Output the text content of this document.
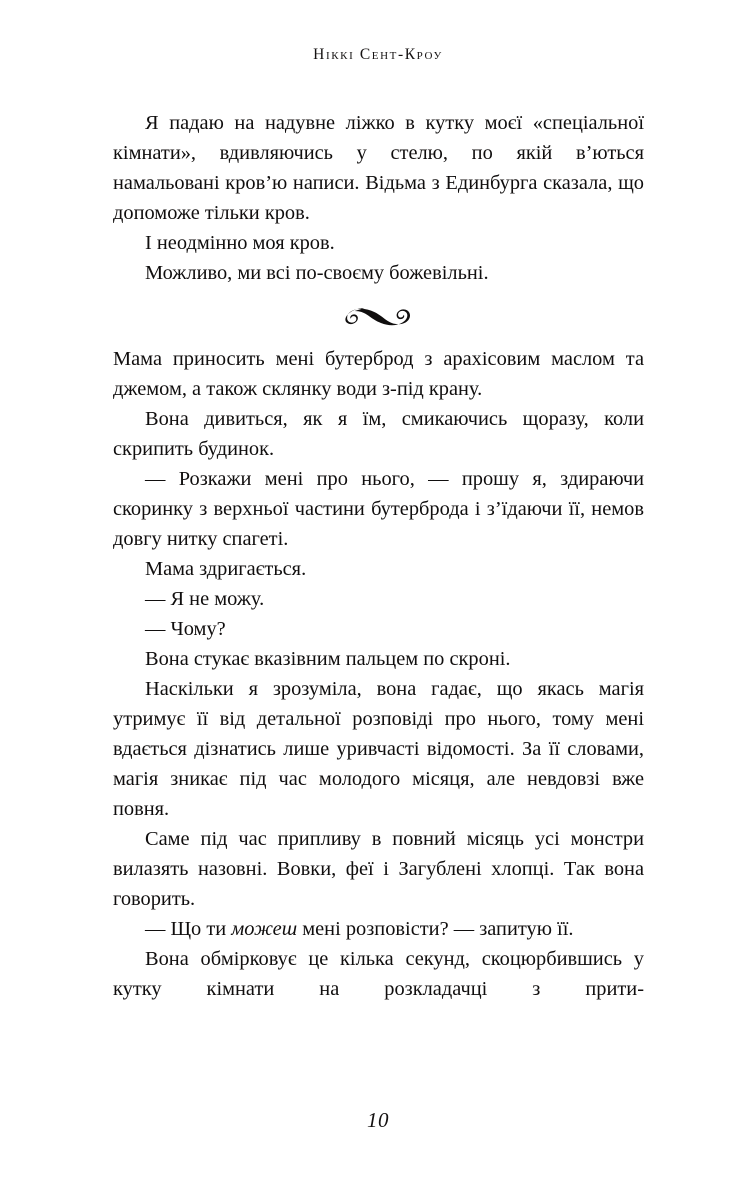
Ніккі Сент-Кроу

Я падаю на надувне ліжко в кутку моєї «спеціальної кімнати», вдивляючись у стелю, по якій в’ються намальовані кров’ю написи. Відьма з Единбурга сказала, що допоможе тільки кров.

І неодмінно моя кров.

Можливо, ми всі по-своєму божевільні.

Мама приносить мені бутерброд з арахісовим маслом та джемом, а також склянку води з-під крану.

Вона дивиться, як я їм, смикаючись щоразу, коли скрипить будинок.

— Розкажи мені про нього, — прошу я, здираючи скоринку з верхньої частини бутерброда і з’їдаючи її, немов довгу нитку спагеті.

Мама здригається.

— Я не можу.

— Чому?

Вона стукає вказівним пальцем по скроні.

Наскільки я зрозуміла, вона гадає, що якась магія утримує її від детальної розповіді про нього, тому мені вдається дізнатись лише уривчасті відомості. За її словами, магія зникає під час молодого місяця, але невдовзі вже повня.

Саме під час припливу в повний місяць усі монстри вилазять назовні. Вовки, феї і Загублені хлопці. Так вона говорить.

— Що ти можеш мені розповісти? — запитую її.

Вона обмірковує це кілька секунд, скоцюрбившись у кутку кімнати на розкладачці з прити-

10
